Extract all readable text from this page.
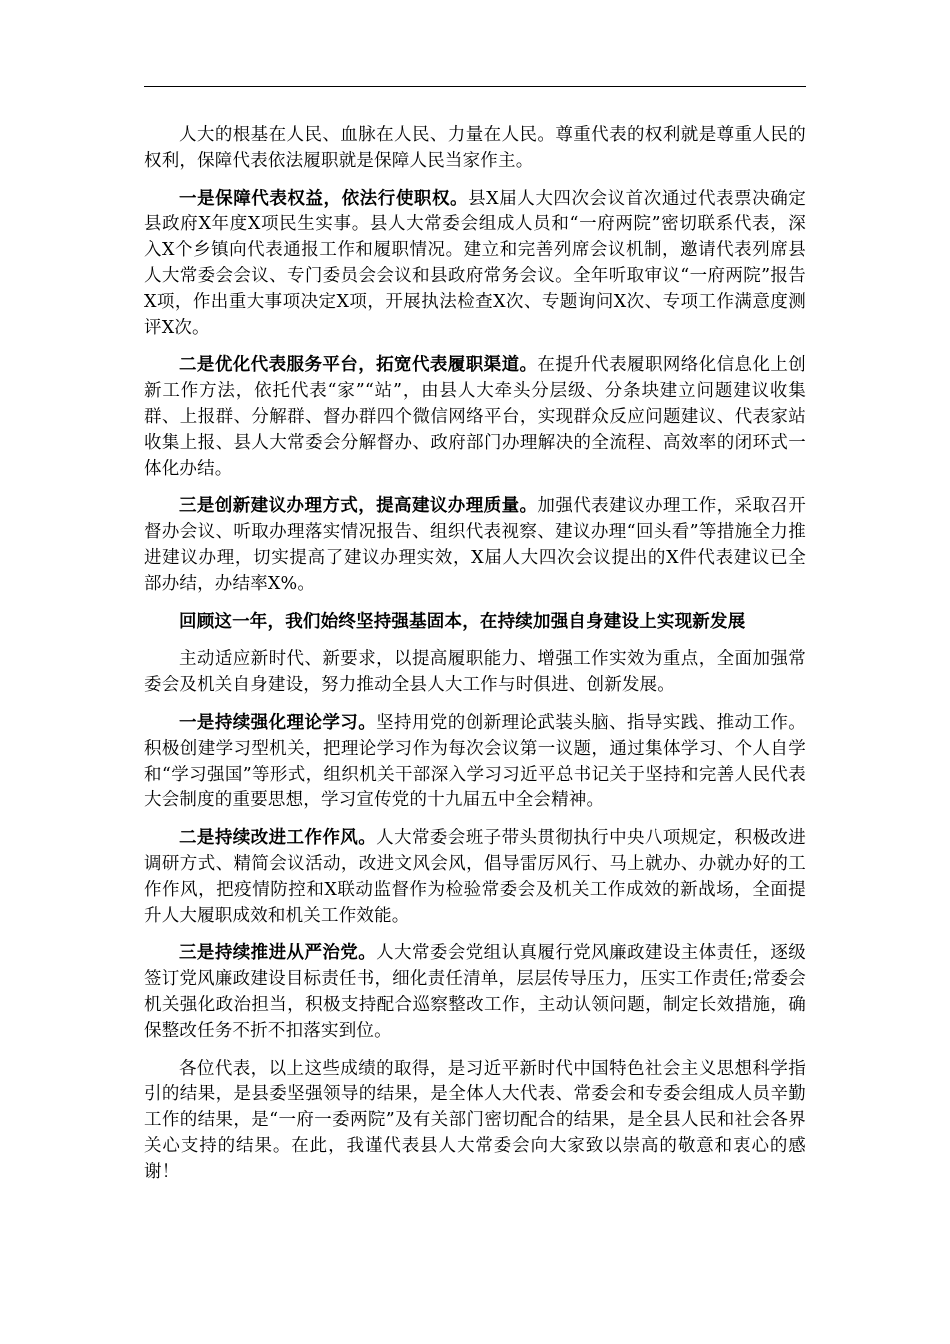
人大的根基在人民、血脉在人民、力量在人民。尊重代表的权利就是尊重人民的权利，保障代表依法履职就是保障人民当家作主。

一是保障代表权益，依法行使职权。县X届人大四次会议首次通过代表票决确定县政府X年度X项民生实事。县人大常委会组成人员和“一府两院”密切联系代表，深入X个乡镇向代表通报工作和履职情况。建立和完善列席会议机制，邀请代表列席县人大常委会会议、专门委员会会议和县政府常务会议。全年听取审议“一府两院”报告X项，作出重大事项决定X项，开展执法检查X次、专题询问X次、专项工作满意度测评X次。

二是优化代表服务平台，拓宽代表履职渠道。在提升代表履职网络化信息化上创新工作方法，依托代表“家”“站”，由县人大牵头分层级、分条块建立问题建议收集群、上报群、分解群、督办群四个微信网络平台，实现群众反应问题建议、代表家站收集上报、县人大常委会分解督办、政府部门办理解决的全流程、高效率的闭环式一体化办结。

三是创新建议办理方式，提高建议办理质量。加强代表建议办理工作，采取召开督办会议、听取办理落实情况报告、组织代表视察、建议办理“回头看”等措施全力推进建议办理，切实提高了建议办理实效，X届人大四次会议提出的X件代表建议已全部办结，办结率X%。

回顾这一年，我们始终坚持强基固本，在持续加强自身建设上实现新发展

主动适应新时代、新要求，以提高履职能力、增强工作实效为重点，全面加强常委会及机关自身建设，努力推动全县人大工作与时俱进、创新发展。

一是持续强化理论学习。坚持用党的创新理论武装头脑、指导实践、推动工作。积极创建学习型机关，把理论学习作为每次会议第一议题，通过集体学习、个人自学和“学习强国”等形式，组织机关干部深入学习习近平总书记关于坚持和完善人民代表大会制度的重要思想，学习宣传党的十九届五中全会精神。

二是持续改进工作作风。人大常委会班子带头贯彻执行中央八项规定，积极改进调研方式、精简会议活动，改进文风会风，倡导雷厉风行、马上就办、办就办好的工作作风，把疫情防控和X联动监督作为检验常委会及机关工作成效的新战场，全面提升人大履职成效和机关工作效能。

三是持续推进从严治党。人大常委会党组认真履行党风廉政建设主体责任，逐级签订党风廉政建设目标责任书，细化责任清单，层层传导压力，压实工作责任;常委会机关强化政治担当，积极支持配合巡察整改工作，主动认领问题，制定长效措施，确保整改任务不折不扣落实到位。

各位代表，以上这些成绩的取得，是习近平新时代中国特色社会主义思想科学指引的结果，是县委坚强领导的结果，是全体人大代表、常委会和专委会组成人员辛勤工作的结果，是“一府一委两院”及有关部门密切配合的结果，是全县人民和社会各界关心支持的结果。在此，我谨代表县人大常委会向大家致以崇高的敬意和衷心的感谢！
